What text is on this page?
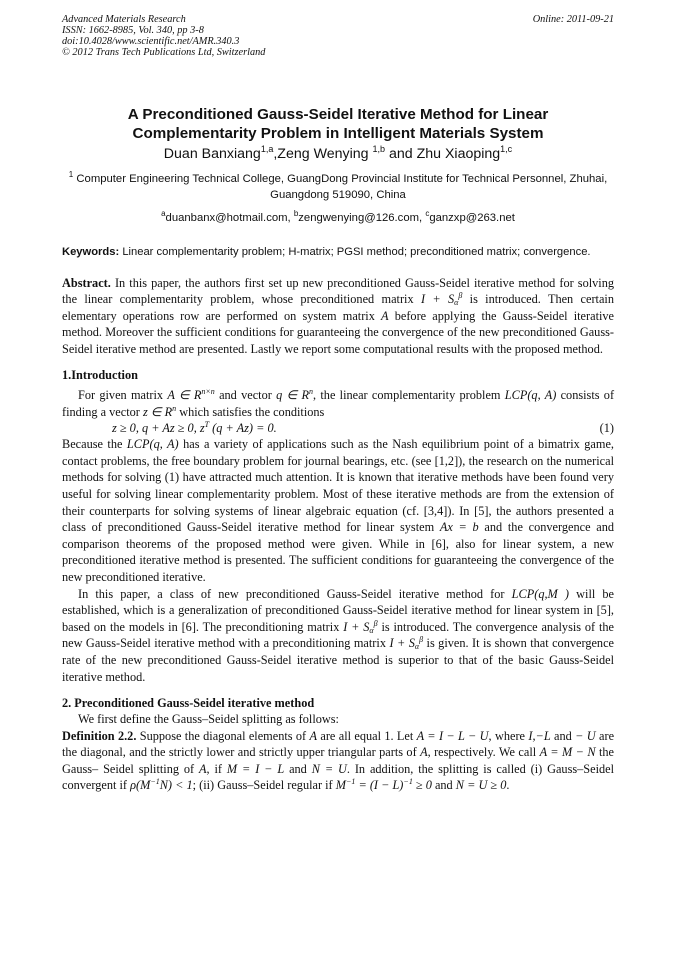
Advanced Materials Research
ISSN: 1662-8985, Vol. 340, pp 3-8
doi:10.4028/www.scientific.net/AMR.340.3
© 2012 Trans Tech Publications Ltd, Switzerland
Online: 2011-09-21
A Preconditioned Gauss-Seidel Iterative Method for Linear Complementarity Problem in Intelligent Materials System
Duan Banxiang$^{1,a}$,Zeng Wenying $^{1,b}$ and Zhu Xiaoping$^{1,c}$
$^1$ Computer Engineering Technical College, GuangDong Provincial Institute for Technical Personnel, Zhuhai, Guangdong 519090, China
$^a$duanbanx@hotmail.com, $^b$zengwenying@126.com, $^c$ganzxp@263.net
Keywords: Linear complementarity problem; H-matrix; PGSI method; preconditioned matrix; convergence.

Abstract. In this paper, the authors first set up new preconditioned Gauss-Seidel iterative method for solving the linear complementarity problem, whose preconditioned matrix $I + S_\alpha^\beta$ is introduced. Then certain elementary operations row are performed on system matrix A before applying the Gauss-Seidel iterative method. Moreover the sufficient conditions for guaranteeing the convergence of the new preconditioned Gauss-Seidel iterative method are presented. Lastly we report some computational results with the proposed method.

1.Introduction

For given matrix A ∈ $R^{n\times n}$ and vector q ∈ $R^n$, the linear complementarity problem LCP(q, A) consists of finding a vector z ∈ $R^n$ which satisfies the conditions

z ≥ 0, q + Az ≥ 0, $z^T$ (q + Az) = 0.	(1)

Because the LCP(q, A) has a variety of applications such as the Nash equilibrium point of a bimatrix game, contact problems, the free boundary problem for journal bearings, etc. (see [1,2]), the research on the numerical methods for solving (1) have attracted much attention. It is known that iterative methods have been found very useful for solving linear complementarity problem. Most of these iterative methods are from the extension of their counterparts for solving systems of linear algebraic equation (cf. [3,4]). In [5], the authors presented a class of preconditioned Gauss-Seidel iterative method for linear system Ax = b and the convergence and comparison theorems of the proposed method were given. While in [6], also for linear system, a new preconditioned iterative method is presented. The sufficient conditions for guaranteeing the convergence of the new preconditioned iterative.

In this paper, a class of new preconditioned Gauss-Seidel iterative method for LCP(q,M ) will be established, which is a generalization of preconditioned Gauss-Seidel iterative method for linear system in [5], based on the models in [6]. The preconditioning matrix $I + S_\alpha^\beta$ is introduced. The convergence analysis of the new Gauss-Seidel iterative method with a preconditioning matrix $I + S_\alpha^\beta$ is given. It is shown that convergence rate of the new preconditioned Gauss-Seidel iterative method is superior to that of the basic Gauss-Seidel iterative method.

2. Preconditioned Gauss-Seidel iterative method

We first define the Gauss–Seidel splitting as follows:

Definition 2.2. Suppose the diagonal elements of A are all equal 1. Let A = I − L − U, where I,−L and − U are the diagonal, and the strictly lower and strictly upper triangular parts of A, respectively. We call A = M − N the Gauss– Seidel splitting of A, if M = I − L and N = U. In addition, the splitting is called (i) Gauss–Seidel convergent if $\rho(M^{-1}N) < 1$; (ii) Gauss–Seidel regular if $M^{-1} = (I - L)^{-1} \ge 0$ and N = U ≥ 0.
